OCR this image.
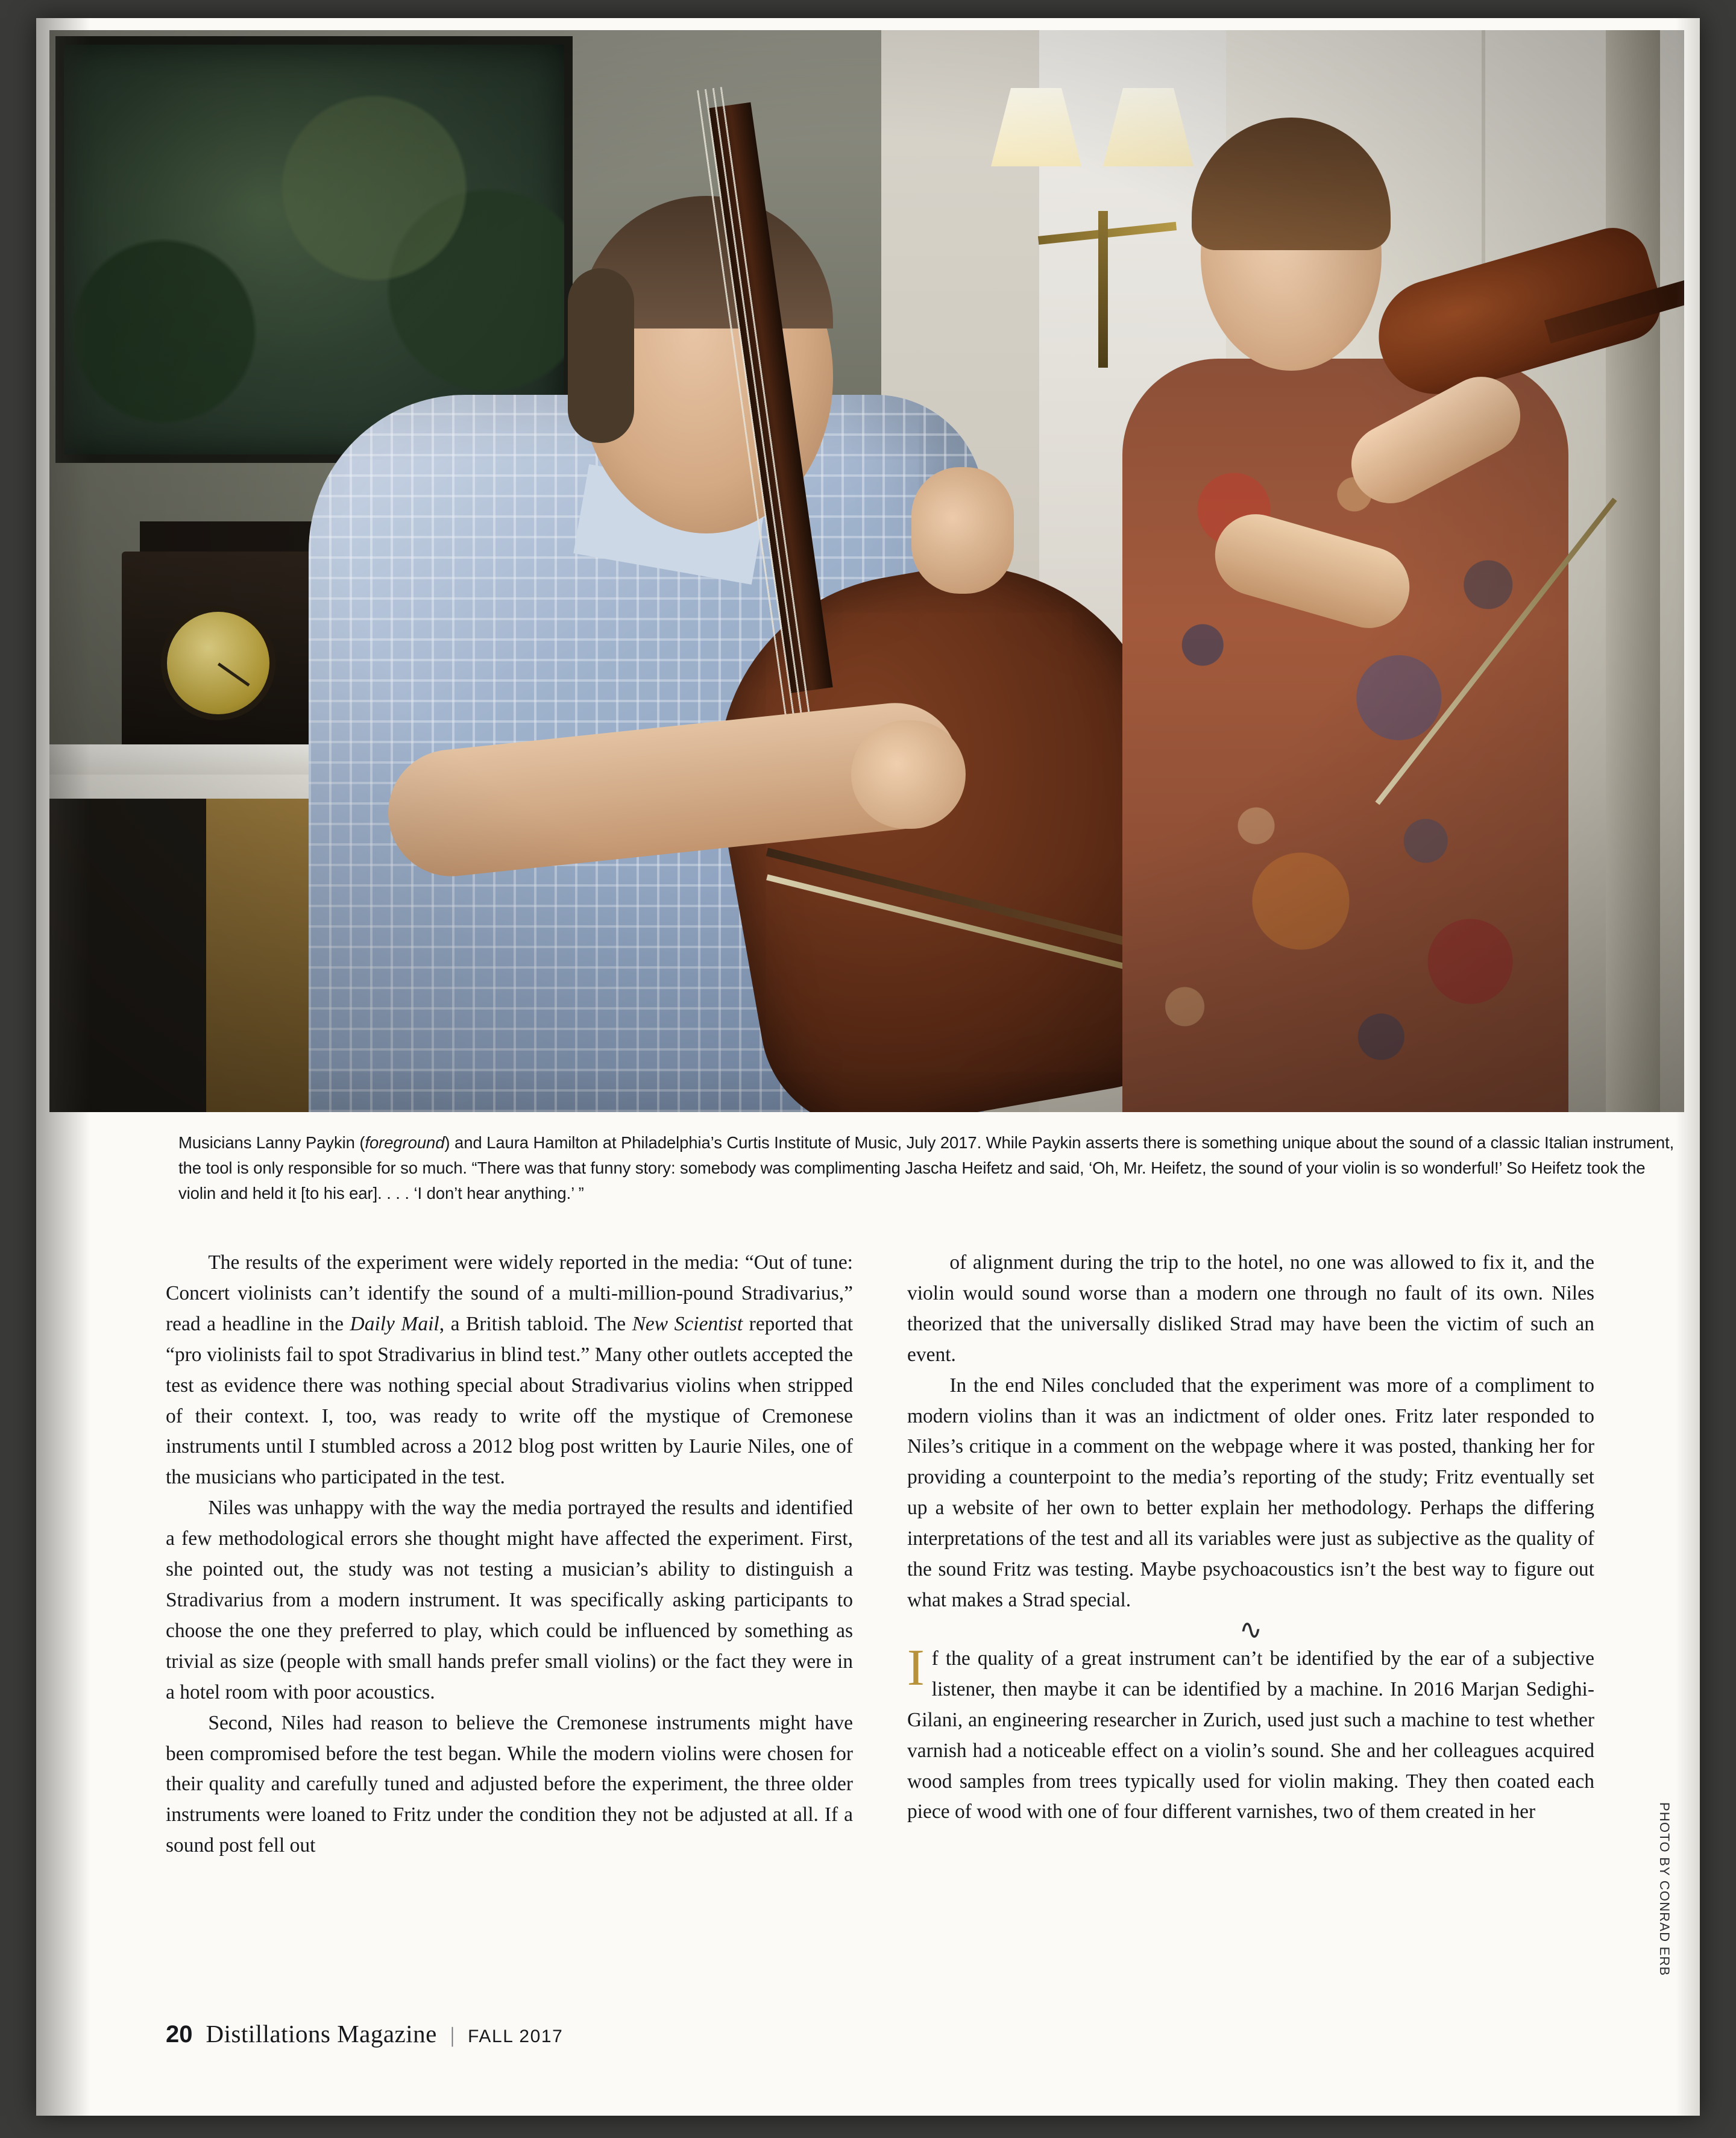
Musicians Lanny Paykin (foreground) and Laura Hamilton at Philadelphia’s Curtis Institute of Music, July 2017. While Paykin asserts there is something unique about the sound of a classic Italian instrument, the tool is only responsible for so much. “There was that funny story: somebody was complimenting Jascha Heifetz and said, ‘Oh, Mr. Heifetz, the sound of your violin is so wonderful!’ So Heifetz took the violin and held it [to his ear]. . . . ‘I don’t hear anything.’ ”

The results of the experiment were widely reported in the media: “Out of tune: Concert violinists can’t identify the sound of a multi-million-pound Stradivarius,” read a headline in the Daily Mail, a British tabloid. The New Scientist reported that “pro violinists fail to spot Stradivarius in blind test.” Many other outlets accepted the test as evidence there was nothing special about Stradivarius violins when stripped of their context. I, too, was ready to write off the mystique of Cremonese instruments until I stumbled across a 2012 blog post written by Laurie Niles, one of the musicians who participated in the test.

Niles was unhappy with the way the media portrayed the results and identified a few methodological errors she thought might have affected the experiment. First, she pointed out, the study was not testing a musician’s ability to distinguish a Stradivarius from a modern instrument. It was specifically asking participants to choose the one they preferred to play, which could be influenced by something as trivial as size (people with small hands prefer small violins) or the fact they were in a hotel room with poor acoustics.

Second, Niles had reason to believe the Cremonese instruments might have been compromised before the test began. While the modern violins were chosen for their quality and carefully tuned and adjusted before the experiment, the three older instruments were loaned to Fritz under the condition they not be adjusted at all. If a sound post fell out

of alignment during the trip to the hotel, no one was allowed to fix it, and the violin would sound worse than a modern one through no fault of its own. Niles theorized that the universally disliked Strad may have been the victim of such an event.

In the end Niles concluded that the experiment was more of a compliment to modern violins than it was an indictment of older ones. Fritz later responded to Niles’s critique in a comment on the webpage where it was posted, thanking her for providing a counterpoint to the media’s reporting of the study; Fritz eventually set up a website of her own to better explain her methodology. Perhaps the differing interpretations of the test and all its variables were just as subjective as the quality of the sound Fritz was testing. Maybe psychoacoustics isn’t the best way to figure out what makes a Strad special.

∿

If the quality of a great instrument can’t be identified by the ear of a subjective listener, then maybe it can be identified by a machine. In 2016 Marjan Sedighi-Gilani, an engineering researcher in Zurich, used just such a machine to test whether varnish had a noticeable effect on a violin’s sound. She and her colleagues acquired wood samples from trees typically used for violin making. They then coated each piece of wood with one of four different varnishes, two of them created in her	PHOTO BY CONRAD ERB
20 Distillations Magazine | FALL 2017
